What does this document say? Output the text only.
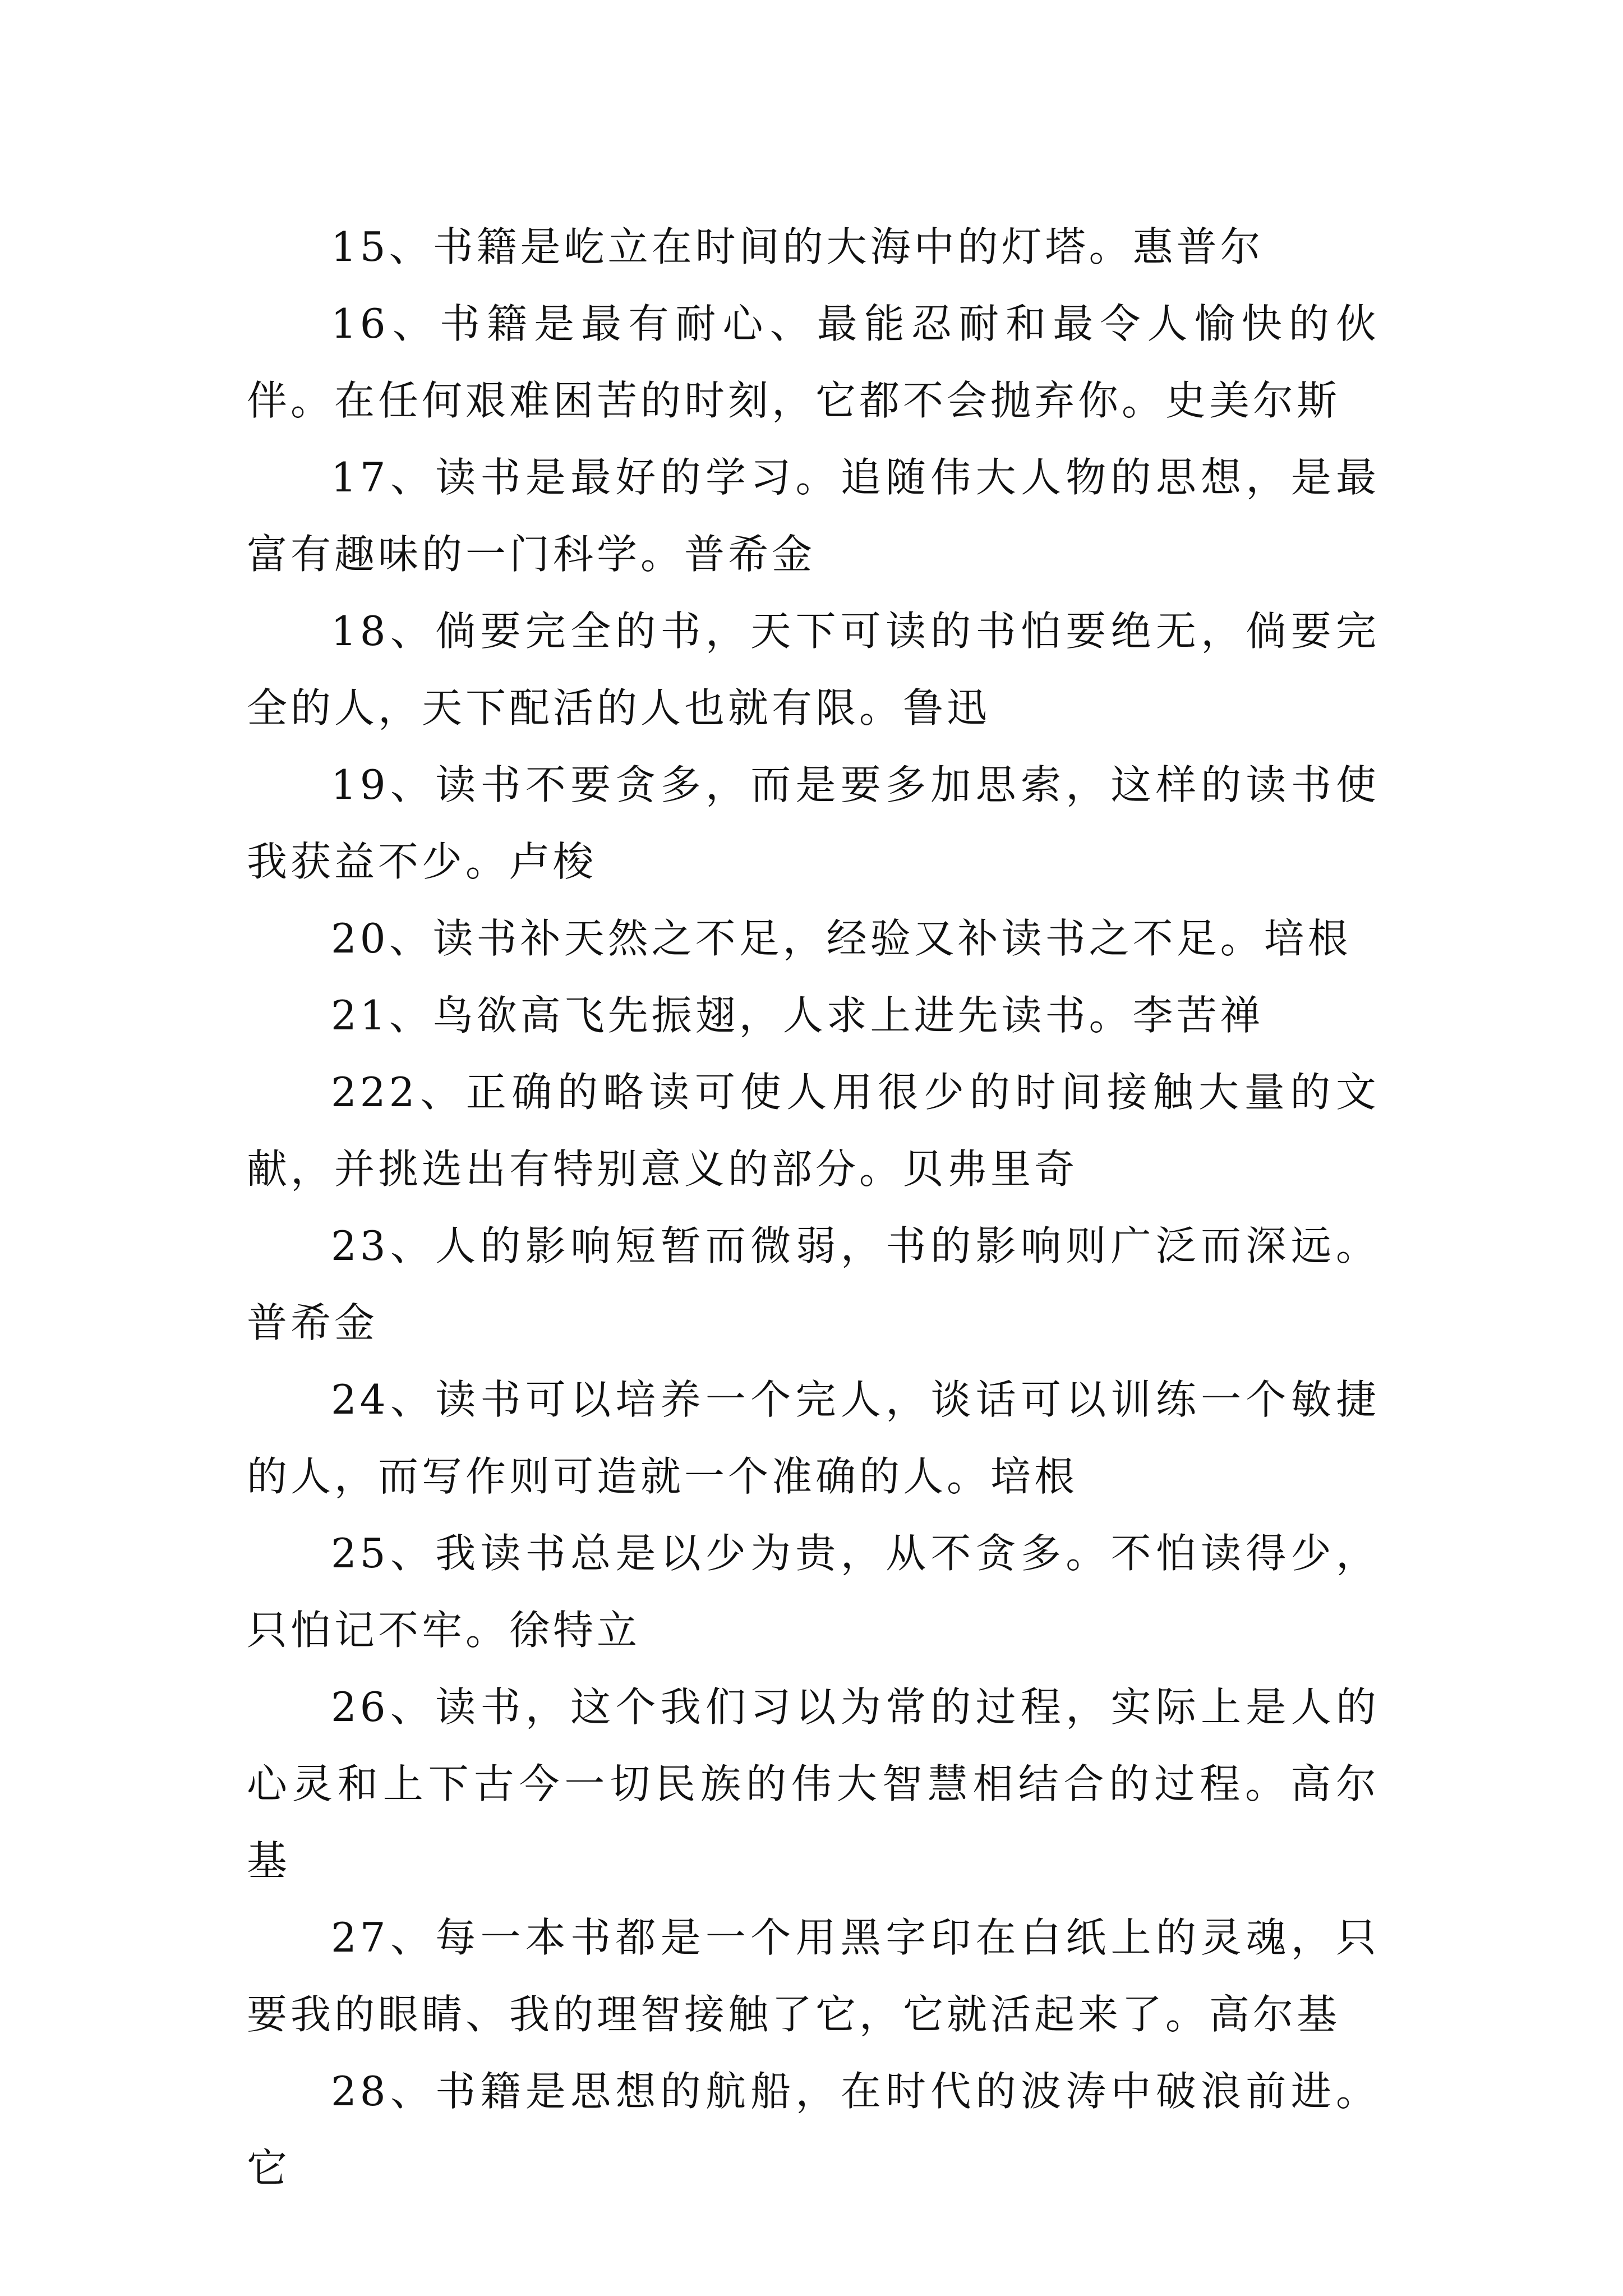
15、书籍是屹立在时间的大海中的灯塔。惠普尔

16、书籍是最有耐心、最能忍耐和最令人愉快的伙伴。在任何艰难困苦的时刻，它都不会抛弃你。史美尔斯

17、读书是最好的学习。追随伟大人物的思想，是最富有趣味的一门科学。普希金

18、倘要完全的书，天下可读的书怕要绝无，倘要完全的人，天下配活的人也就有限。鲁迅

19、读书不要贪多，而是要多加思索，这样的读书使我获益不少。卢梭

20、读书补天然之不足，经验又补读书之不足。培根

21、鸟欲高飞先振翅，人求上进先读书。李苦禅

222、正确的略读可使人用很少的时间接触大量的文献，并挑选出有特别意义的部分。贝弗里奇

23、人的影响短暂而微弱，书的影响则广泛而深远。普希金

24、读书可以培养一个完人，谈话可以训练一个敏捷的人，而写作则可造就一个准确的人。培根

25、我读书总是以少为贵，从不贪多。不怕读得少，只怕记不牢。徐特立

26、读书，这个我们习以为常的过程，实际上是人的心灵和上下古今一切民族的伟大智慧相结合的过程。高尔基

27、每一本书都是一个用黑字印在白纸上的灵魂，只要我的眼睛、我的理智接触了它，它就活起来了。高尔基

28、书籍是思想的航船，在时代的波涛中破浪前进。它
